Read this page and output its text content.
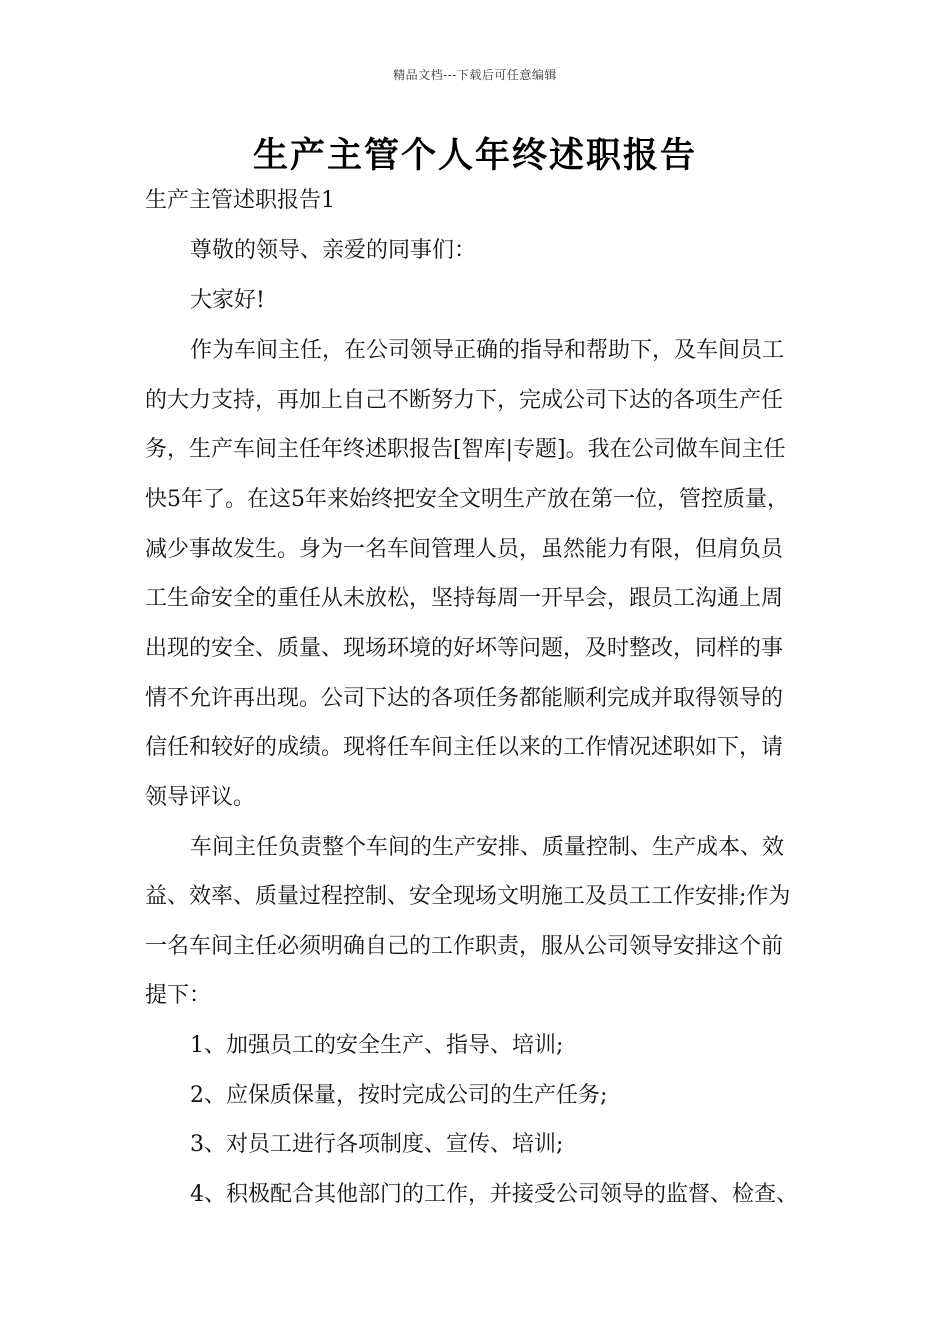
精品文档---下载后可任意编辑
生产主管个人年终述职报告
生产主管述职报告1
尊敬的领导、亲爱的同事们：
大家好!
作为车间主任，在公司领导正确的指导和帮助下，及车间员工
的大力支持，再加上自己不断努力下，完成公司下达的各项生产任
务，生产车间主任年终述职报告[智库|专题]。我在公司做车间主任
快5年了。在这5年来始终把安全文明生产放在第一位，管控质量，
减少事故发生。身为一名车间管理人员，虽然能力有限，但肩负员
工生命安全的重任从未放松，坚持每周一开早会，跟员工沟通上周
出现的安全、质量、现场环境的好坏等问题，及时整改，同样的事
情不允许再出现。公司下达的各项任务都能顺利完成并取得领导的
信任和较好的成绩。现将任车间主任以来的工作情况述职如下，请
领导评议。
车间主任负责整个车间的生产安排、质量控制、生产成本、效
益、效率、质量过程控制、安全现场文明施工及员工工作安排;作为
一名车间主任必须明确自己的工作职责，服从公司领导安排这个前
提下：
1、加强员工的安全生产、指导、培训;
2、应保质保量，按时完成公司的生产任务;
3、对员工进行各项制度、宣传、培训;
4、积极配合其他部门的工作，并接受公司领导的监督、检查、
